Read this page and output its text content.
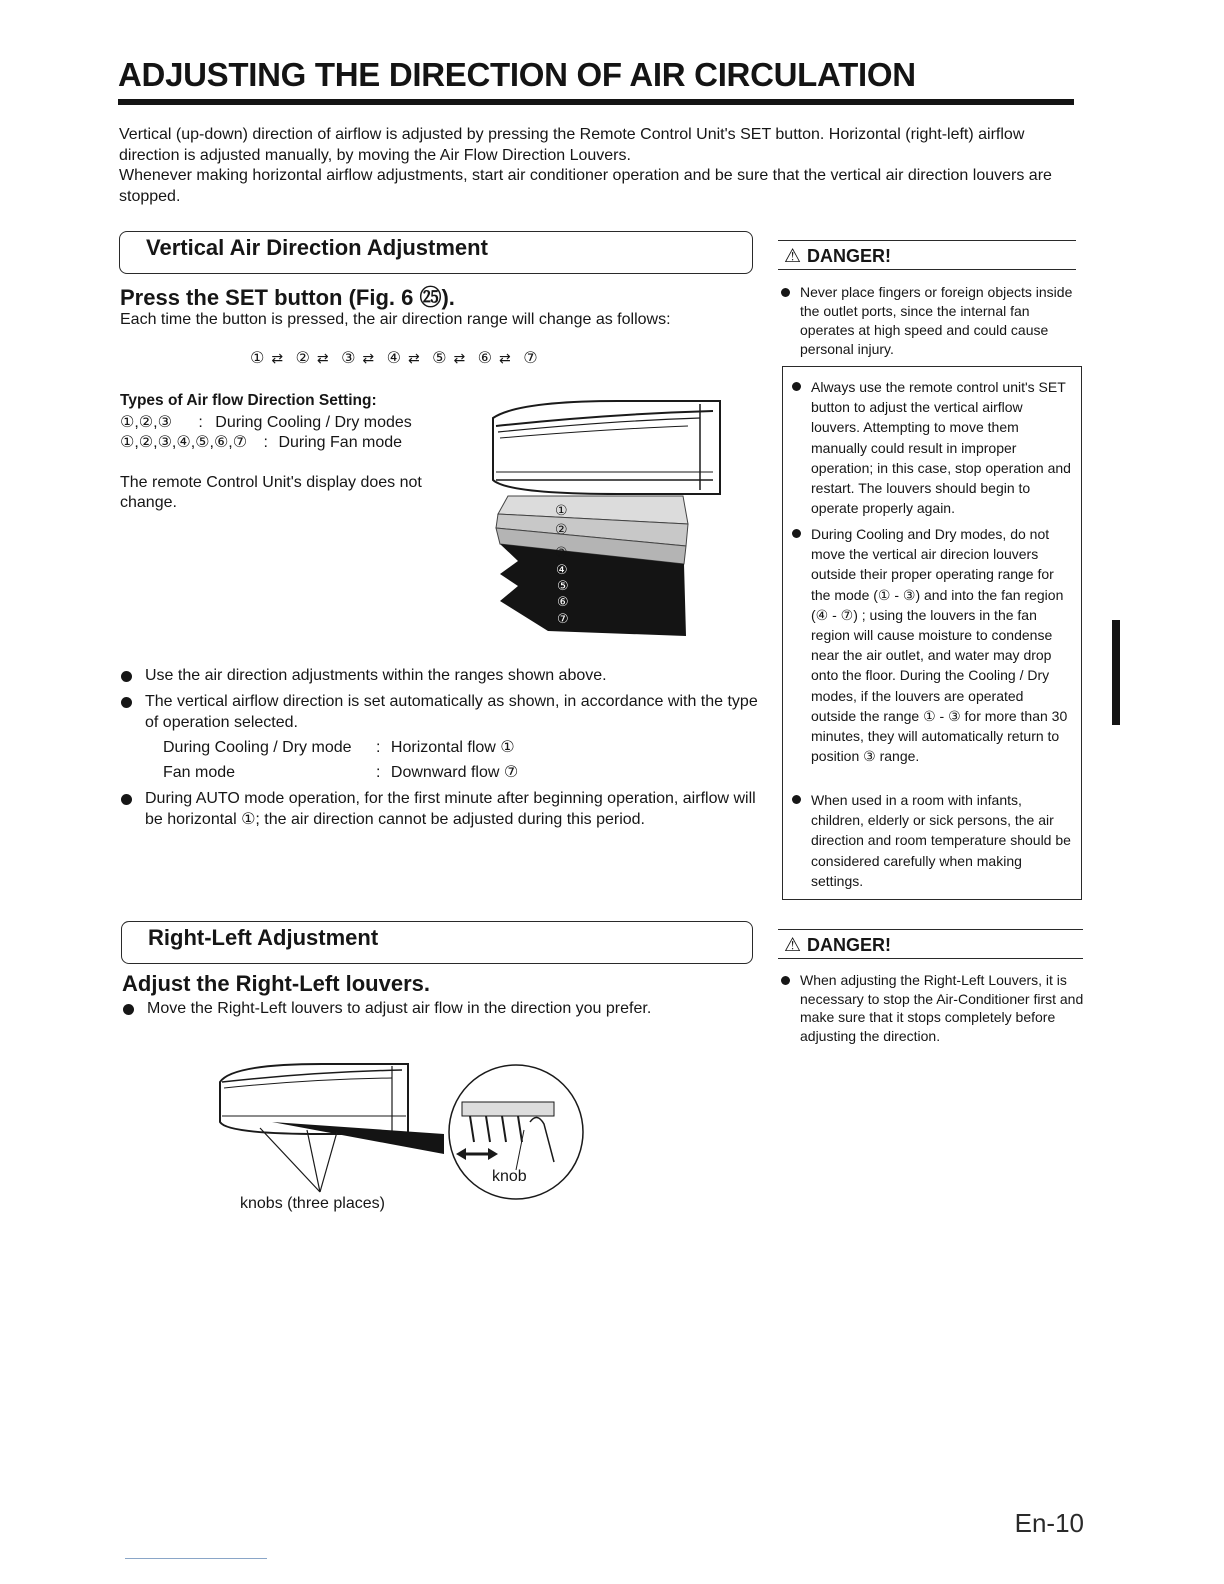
ADJUSTING THE DIRECTION OF AIR CIRCULATION

Vertical (up-down) direction of airflow is adjusted by pressing the Remote Control Unit's SET button. Horizontal (right-left) airflow direction is adjusted manually, by moving the Air Flow Direction Louvers.

Whenever making horizontal airflow adjustments, start air conditioner operation and be sure that the vertical air direction louvers are stopped.

Vertical Air Direction Adjustment
Press the SET button (Fig. 6 ㉕).

Each time the button is pressed, the air direction range will change as follows:

① ⇄ ② ⇄ ③ ⇄ ④ ⇄ ⑤ ⇄ ⑥ ⇄ ⑦
Types of Air flow Direction Setting:
①,②,③ : During Cooling / Dry modes
①,②,③,④,⑤,⑥,⑦ : During Fan mode

The remote Control Unit's display does not change.	①
②
③
④
⑤
⑥
⑦
Use the air direction adjustments within the ranges shown above.
The vertical airflow direction is set automatically as shown, in accordance with the type of operation selected.
During Cooling / Dry mode : Horizontal flow ①
Fan mode	: Downward flow ⑦
During AUTO mode operation, for the first minute after beginning operation, airflow will be horizontal ①; the air direction cannot be adjusted during this period.
⚠ DANGER!
Never place fingers or foreign objects inside the outlet ports, since the internal fan operates at high speed and could cause personal injury.
Always use the remote control unit's SET button to adjust the vertical airflow louvers. Attempting to move them manually could result in improper operation; in this case, stop operation and restart. The louvers should begin to operate properly again.
During Cooling and Dry modes, do not move the vertical air direcion louvers outside their proper operating range for the mode (① - ③) and into the fan region (④ - ⑦) ; using the louvers in the fan region will cause moisture to condense near the air outlet, and water may drop onto the floor. During the Cooling / Dry modes, if the louvers are operated outside the range ① - ③ for more than 30 minutes, they will automatically return to position ③ range.
When used in a room with infants, children, elderly or sick persons, the air direction and room temperature should be considered carefully when making settings.
Right-Left Adjustment
Adjust the Right-Left louvers.
Move the Right-Left louvers to adjust air flow in the direction you prefer.
knob
knobs (three places)
⚠ DANGER!
When adjusting the Right-Left Louvers, it is necessary to stop the Air-Conditioner first and make sure that it stops completely before adjusting the direction.
En-10
